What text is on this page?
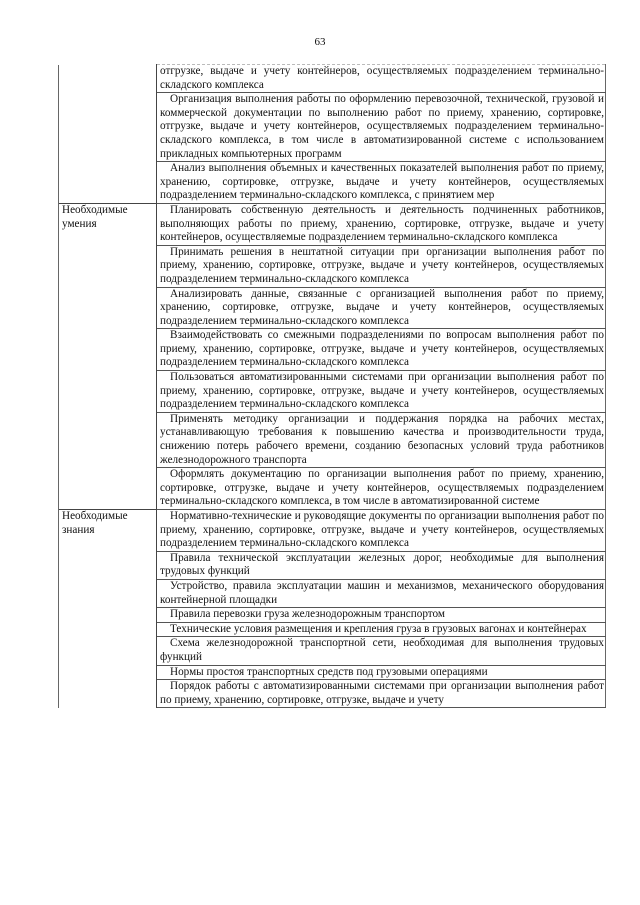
63
	отгрузке, выдаче и учету контейнеров, осуществляемых подразделением терминально-складского комплекса
	Организация выполнения работы по оформлению перевозочной, технической, грузовой и коммерческой документации по выполнению работ по приему, хранению, сортировке, отгрузке, выдаче и учету контейнеров, осуществляемых подразделением терминально-складского комплекса, в том числе в автоматизированной системе с использованием прикладных компьютерных программ
	Анализ выполнения объемных и качественных показателей выполнения работ по приему, хранению, сортировке, отгрузке, выдаче и учету контейнеров, осуществляемых подразделением терминально-складского комплекса, с принятием мер
Необходимые умения	Планировать собственную деятельность и деятельность подчиненных работников, выполняющих работы по приему, хранению, сортировке, отгрузке, выдаче и учету контейнеров, осуществляемые подразделением терминально-складского комплекса
	Принимать решения в нештатной ситуации при организации выполнения работ по приему, хранению, сортировке, отгрузке, выдаче и учету контейнеров, осуществляемых подразделением терминально-складского комплекса
	Анализировать данные, связанные с организацией выполнения работ по приему, хранению, сортировке, отгрузке, выдаче и учету контейнеров, осуществляемых подразделением терминально-складского комплекса
	Взаимодействовать со смежными подразделениями по вопросам выполнения работ по приему, хранению, сортировке, отгрузке, выдаче и учету контейнеров, осуществляемых подразделением терминально-складского комплекса
	Пользоваться автоматизированными системами при организации выполнения работ по приему, хранению, сортировке, отгрузке, выдаче и учету контейнеров, осуществляемых подразделением терминально-складского комплекса
	Применять методику организации и поддержания порядка на рабочих местах, устанавливающую требования к повышению качества и производительности труда, снижению потерь рабочего времени, созданию безопасных условий труда работников железнодорожного транспорта
	Оформлять документацию по организации выполнения работ по приему, хранению, сортировке, отгрузке, выдаче и учету контейнеров, осуществляемых подразделением терминально-складского комплекса, в том числе в автоматизированной системе
Необходимые знания	Нормативно-технические и руководящие документы по организации выполнения работ по приему, хранению, сортировке, отгрузке, выдаче и учету контейнеров, осуществляемых подразделением терминально-складского комплекса
	Правила технической эксплуатации железных дорог, необходимые для выполнения трудовых функций
	Устройство, правила эксплуатации машин и механизмов, механического оборудования контейнерной площадки
	Правила перевозки груза железнодорожным транспортом
	Технические условия размещения и крепления груза в грузовых вагонах и контейнерах
	Схема железнодорожной транспортной сети, необходимая для выполнения трудовых функций
	Нормы простоя транспортных средств под грузовыми операциями
	Порядок работы с автоматизированными системами при организации выполнения работ по приему, хранению, сортировке, отгрузке, выдаче и учету
